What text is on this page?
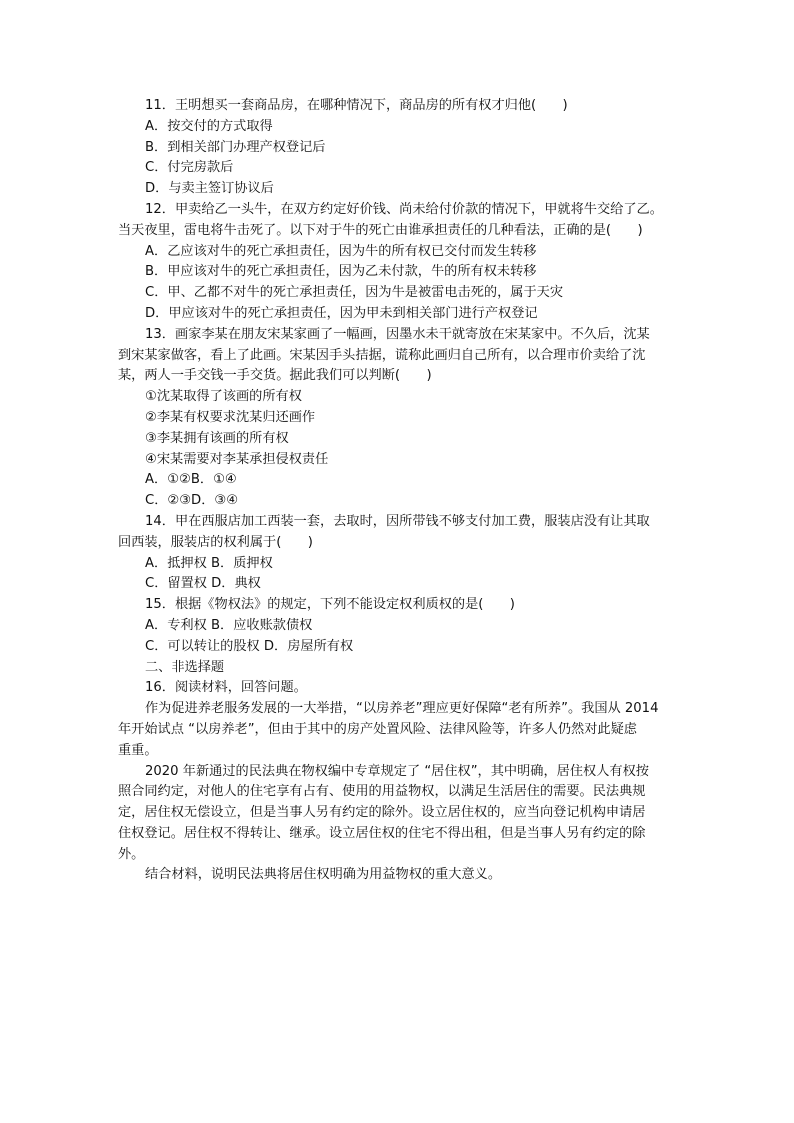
11．王明想买一套商品房，在哪种情况下，商品房的所有权才归他(　　)
A．按交付的方式取得
B．到相关部门办理产权登记后
C．付完房款后
D．与卖主签订协议后
12．甲卖给乙一头牛，在双方约定好价钱、尚未给付价款的情况下，甲就将牛交给了乙。
当天夜里，雷电将牛击死了。以下对于牛的死亡由谁承担责任的几种看法，正确的是(　　)
A．乙应该对牛的死亡承担责任，因为牛的所有权已交付而发生转移
B．甲应该对牛的死亡承担责任，因为乙未付款，牛的所有权未转移
C．甲、乙都不对牛的死亡承担责任，因为牛是被雷电击死的，属于天灾
D．甲应该对牛的死亡承担责任，因为甲未到相关部门进行产权登记
13．画家李某在朋友宋某家画了一幅画，因墨水未干就寄放在宋某家中。不久后，沈某
到宋某家做客，看上了此画。宋某因手头拮据，谎称此画归自己所有，以合理市价卖给了沈
某，两人一手交钱一手交货。据此我们可以判断(　　)
①沈某取得了该画的所有权
②李某有权要求沈某归还画作
③李某拥有该画的所有权
④宋某需要对李某承担侵权责任
A．①②B．①④
C．②③D．③④
14．甲在西服店加工西装一套，去取时，因所带钱不够支付加工费，服装店没有让其取
回西装，服装店的权利属于(　　)
A．抵押权 B．质押权
C．留置权 D．典权
15．根据《物权法》的规定，下列不能设定权利质权的是(　　)
A．专利权 B．应收账款债权
C．可以转让的股权 D．房屋所有权
二、非选择题
16．阅读材料，回答问题。
作为促进养老服务发展的一大举措，“以房养老”理应更好保障“老有所养”。我国从 2014
年开始试点 “以房养老”，但由于其中的房产处置风险、法律风险等，许多人仍然对此疑虑
重重。
2020 年新通过的民法典在物权编中专章规定了 “居住权”，其中明确，居住权人有权按
照合同约定，对他人的住宅享有占有、使用的用益物权，以满足生活居住的需要。民法典规
定，居住权无偿设立，但是当事人另有约定的除外。设立居住权的，应当向登记机构申请居
住权登记。居住权不得转让、继承。设立居住权的住宅不得出租，但是当事人另有约定的除
外。
结合材料，说明民法典将居住权明确为用益物权的重大意义。
